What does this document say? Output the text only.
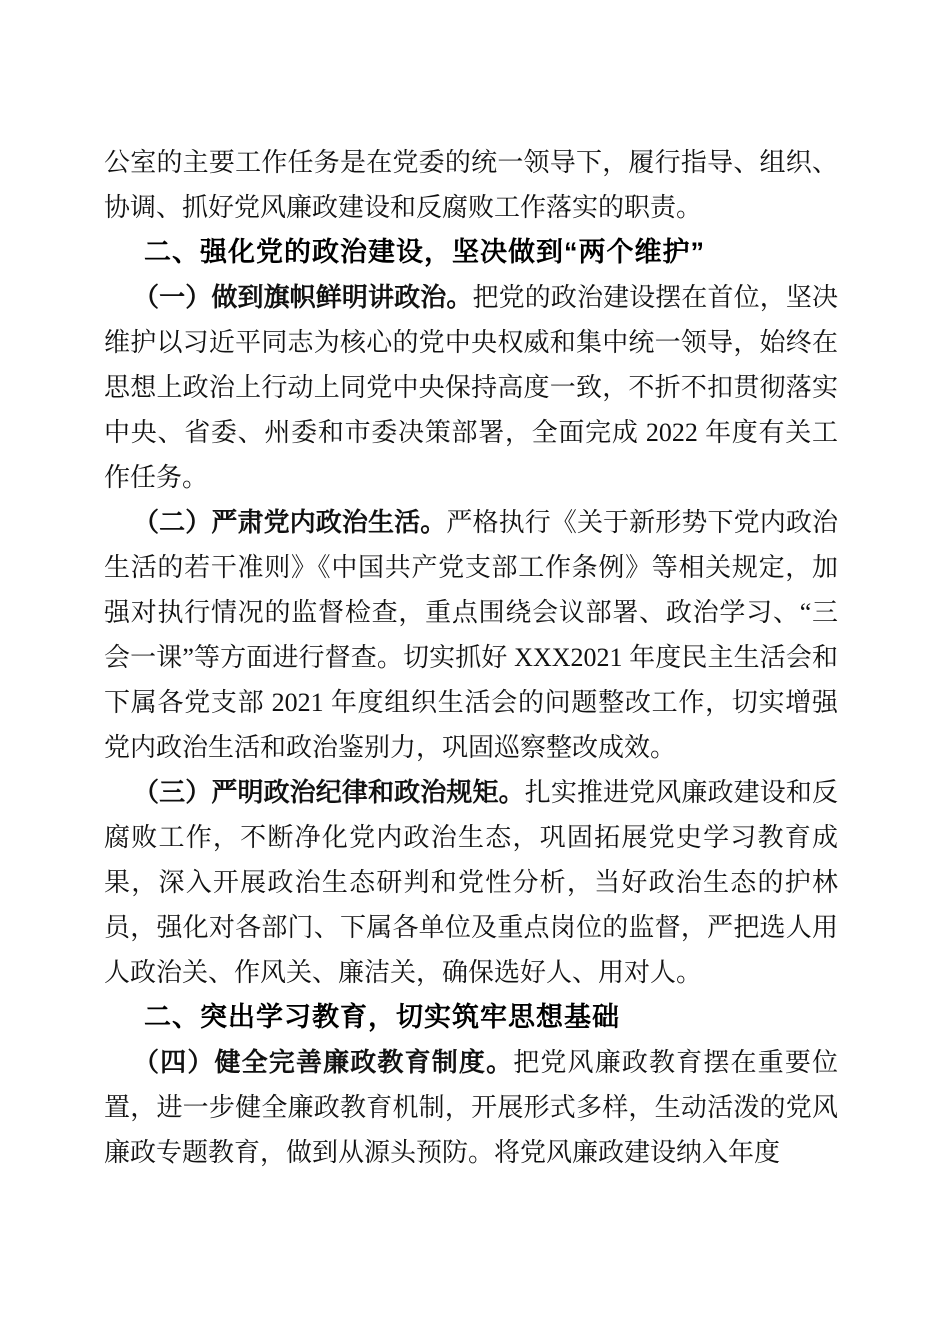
公室的主要工作任务是在党委的统一领导下，履行指导、组织、协调、抓好党风廉政建设和反腐败工作落实的职责。

二、强化党的政治建设，坚决做到“两个维护”

（一）做到旗帜鲜明讲政治。把党的政治建设摆在首位，坚决维护以习近平同志为核心的党中央权威和集中统一领导，始终在思想上政治上行动上同党中央保持高度一致，不折不扣贯彻落实中央、省委、州委和市委决策部署，全面完成 2022 年度有关工作任务。

（二）严肃党内政治生活。严格执行《关于新形势下党内政治生活的若干准则》《中国共产党支部工作条例》等相关规定，加强对执行情况的监督检查，重点围绕会议部署、政治学习、“三会一课”等方面进行督查。切实抓好 XXX2021 年度民主生活会和下属各党支部 2021 年度组织生活会的问题整改工作，切实增强党内政治生活和政治鉴别力，巩固巡察整改成效。

（三）严明政治纪律和政治规矩。扎实推进党风廉政建设和反腐败工作，不断净化党内政治生态，巩固拓展党史学习教育成果，深入开展政治生态研判和党性分析，当好政治生态的护林员，强化对各部门、下属各单位及重点岗位的监督，严把选人用人政治关、作风关、廉洁关，确保选好人、用对人。

二、突出学习教育，切实筑牢思想基础

（四）健全完善廉政教育制度。把党风廉政教育摆在重要位置，进一步健全廉政教育机制，开展形式多样，生动活泼的党风廉政专题教育，做到从源头预防。将党风廉政建设纳入年度
